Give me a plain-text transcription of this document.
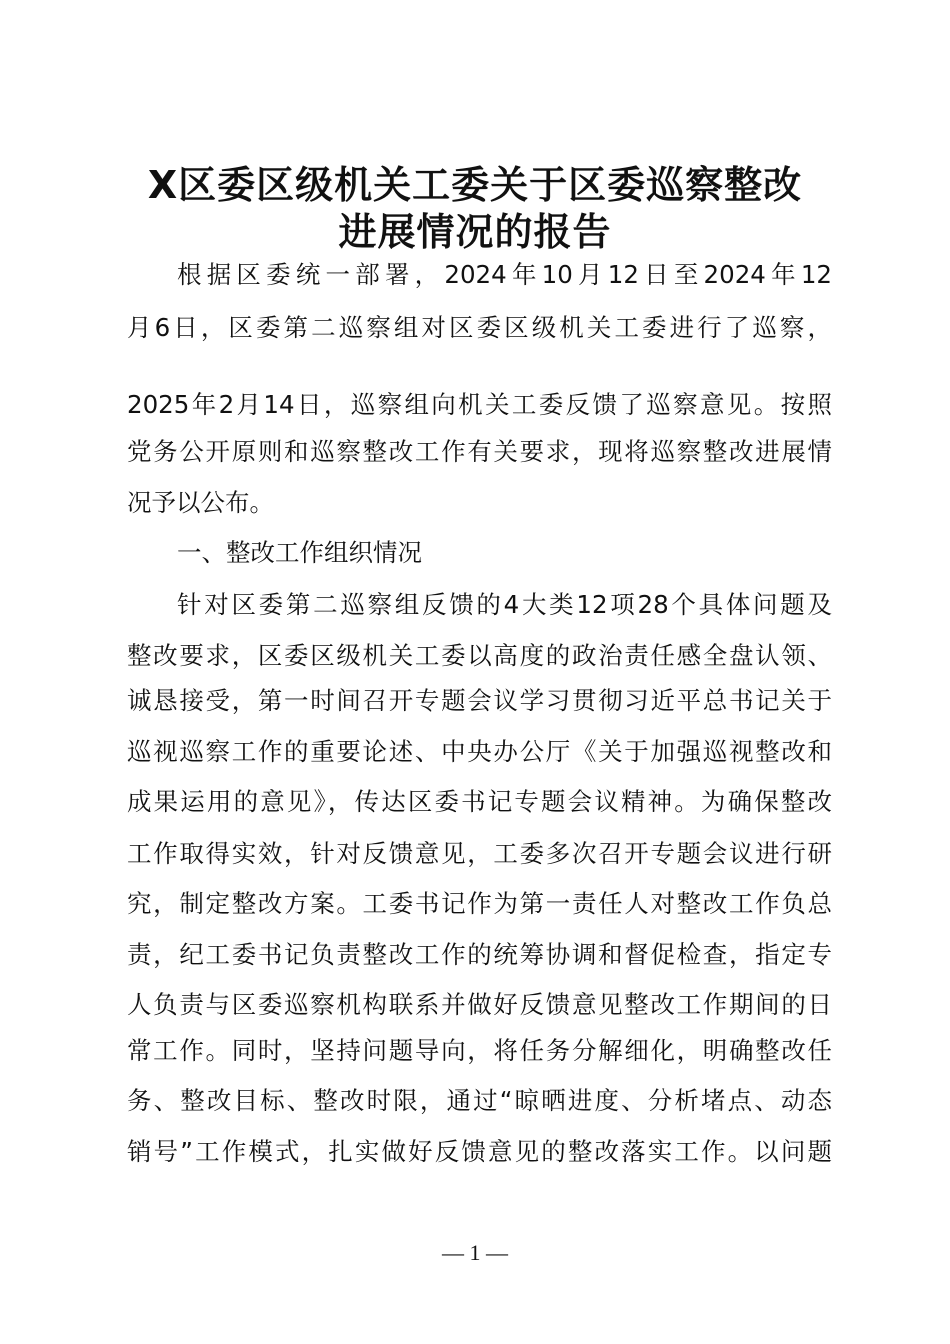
X区委区级机关工委关于区委巡察整改
进展情况的报告
根据区委统一部署，2024年10月12日至2024年12
月6日，区委第二巡察组对区委区级机关工委进行了巡察，
2025年2月14日，巡察组向机关工委反馈了巡察意见。按照
党务公开原则和巡察整改工作有关要求，现将巡察整改进展情
况予以公布。
一、整改工作组织情况
针对区委第二巡察组反馈的4大类12项28个具体问题及
整改要求，区委区级机关工委以高度的政治责任感全盘认领、
诚恳接受，第一时间召开专题会议学习贯彻习近平总书记关于
巡视巡察工作的重要论述、中央办公厅《关于加强巡视整改和
成果运用的意见》，传达区委书记专题会议精神。为确保整改
工作取得实效，针对反馈意见，工委多次召开专题会议进行研
究，制定整改方案。工委书记作为第一责任人对整改工作负总
责，纪工委书记负责整改工作的统筹协调和督促检查，指定专
人负责与区委巡察机构联系并做好反馈意见整改工作期间的日
常工作。同时，坚持问题导向，将任务分解细化，明确整改任
务、整改目标、整改时限，通过“晾晒进度、分析堵点、动态
销号”工作模式，扎实做好反馈意见的整改落实工作。以问题
— 1 —
